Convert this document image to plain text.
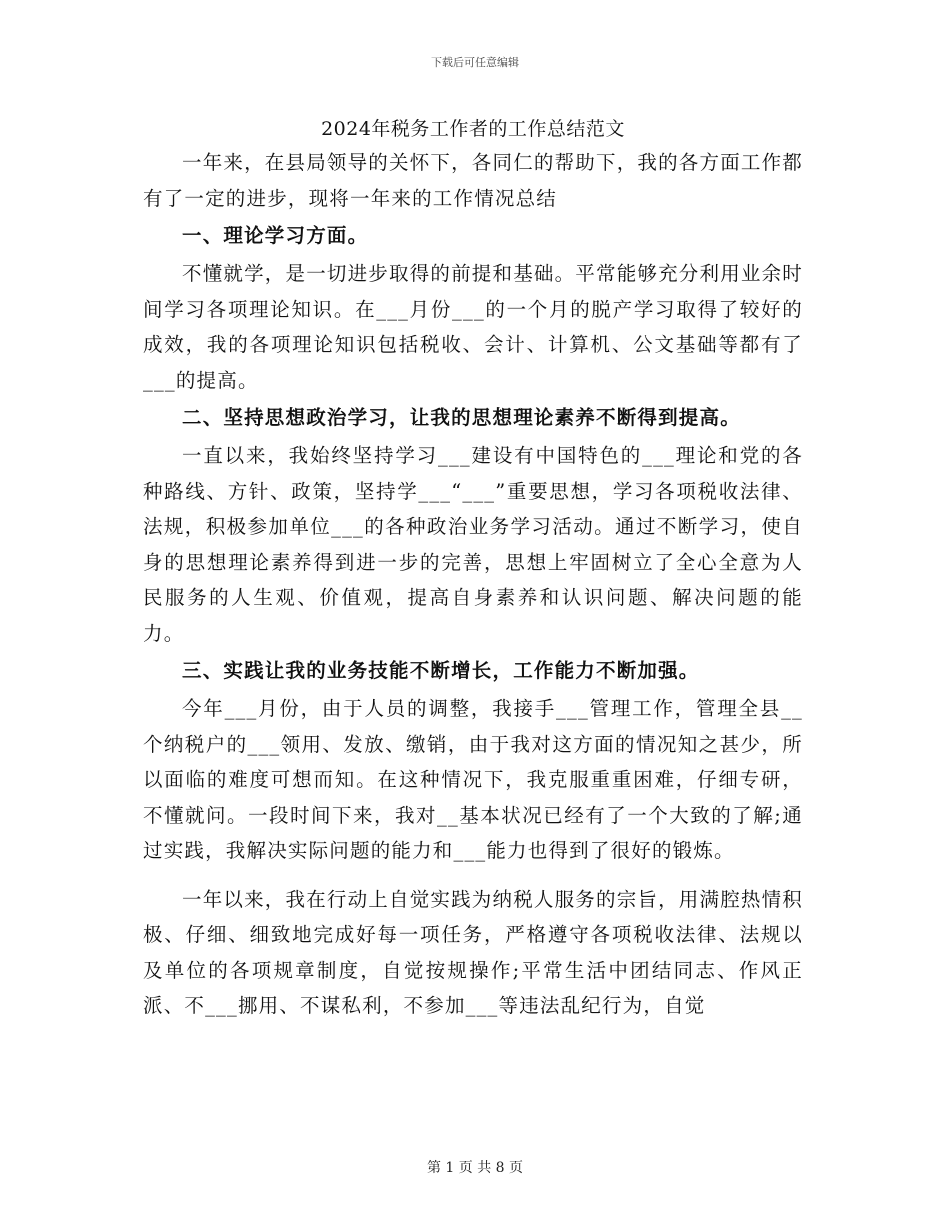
下载后可任意编辑
2024年税务工作者的工作总结范文

一年来，在县局领导的关怀下，各同仁的帮助下，我的各方面工作都有了一定的进步，现将一年来的工作情况总结

一、理论学习方面。

不懂就学，是一切进步取得的前提和基础。平常能够充分利用业余时间学习各项理论知识。在___月份___的一个月的脱产学习取得了较好的成效，我的各项理论知识包括税收、会计、计算机、公文基础等都有了___的提高。

二、坚持思想政治学习，让我的思想理论素养不断得到提高。

一直以来，我始终坚持学习___建设有中国特色的___理论和党的各种路线、方针、政策，坚持学___“___”重要思想，学习各项税收法律、法规，积极参加单位___的各种政治业务学习活动。通过不断学习，使自身的思想理论素养得到进一步的完善，思想上牢固树立了全心全意为人民服务的人生观、价值观，提高自身素养和认识问题、解决问题的能力。

三、实践让我的业务技能不断增长，工作能力不断加强。

今年___月份，由于人员的调整，我接手___管理工作，管理全县__个纳税户的___领用、发放、缴销，由于我对这方面的情况知之甚少，所以面临的难度可想而知。在这种情况下，我克服重重困难，仔细专研，不懂就问。一段时间下来，我对__基本状况已经有了一个大致的了解;通过实践，我解决实际问题的能力和___能力也得到了很好的锻炼。

一年以来，我在行动上自觉实践为纳税人服务的宗旨，用满腔热情积极、仔细、细致地完成好每一项任务，严格遵守各项税收法律、法规以及单位的各项规章制度，自觉按规操作;平常生活中团结同志、作风正派、不___挪用、不谋私利，不参加___等违法乱纪行为，自觉

第 1 页 共 8 页
